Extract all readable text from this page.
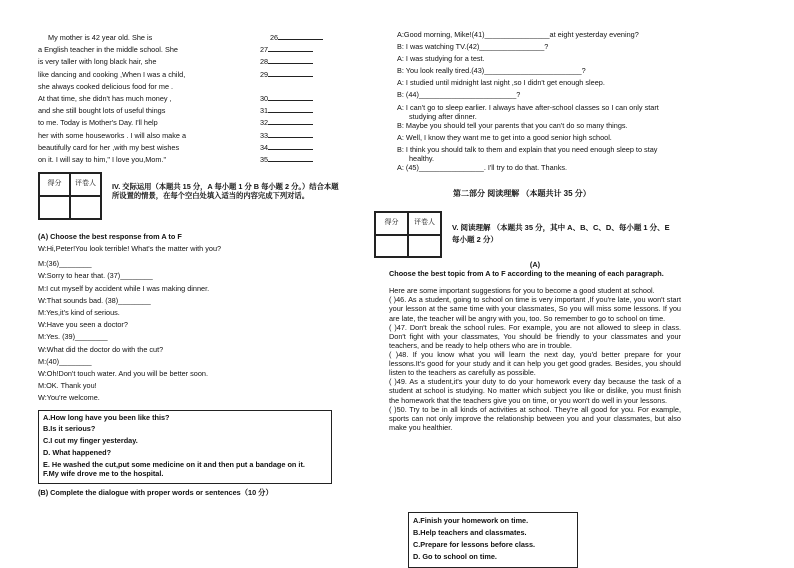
My mother is 42 year old. She is	26
a English teacher in the middle school. She	27
is very taller with long black hair, she	28
like dancing and cooking ,When I was a child,	29
she always cooked delicious food for me .
At that time, she didn't has much money ,	30
and she still bought lots of useful things	31
to me. Today is Mother's Day. I'll help	32
her with some houseworks . I will also make a	33
beautifully card for her ,with my best wishes	34
on it. I will say to him," I love you,Mom."	35
得分	评卷人	IV. 交际运用（本题共 15 分，A 每小题 1 分 B 每小题 2 分。）结合本题所设置的情景，在每个空白处填入适当的内容完成下列对话。
(A) Choose the best response from A to F
W:Hi,Peter!You look terrible! What's the matter with you?
M:(36)________
W:Sorry to hear that. (37)________
M:I cut myself by accident while I was making dinner.
W:That sounds bad. (38)________
M:Yes,it's kind of serious.
W:Have you seen a doctor?
M:Yes. (39)________
W:What did the doctor do with the cut?
M:(40)________
W:Oh!Don't touch water. And you will be better soon.
M:OK. Thank you!
W:You're welcome.
A.How long have you been like this?
B.Is it serious?
C.I cut my finger yesterday.
D. What happened?
E. He washed the cut,put some medicine on it and then put a bandage on it.
F.My wife drove me to the hospital.
(B) Complete the dialogue with proper words or sentences（10 分）
A:Good morning, Mike!(41)________________at eight yesterday evening?
B: I was watching TV.(42)________________?
A: I was studying for a test.
B: You look really tired.(43)________________________?
A: I studied until midnight last night ,so I didn't get enough sleep.
B: (44)________________________?
A: I can't go to sleep earlier. I always have after-school classes so I can only start studying after dinner.
B: Maybe you should tell your parents that you can't do so many things.
A: Well, I know they want me to get into a good senior high school.
B: I think you should talk to them and explain that you need enough sleep to stay healthy.
A: (45)________________. I'll try to do that. Thanks.
第二部分 阅读理解 （本题共计 35 分）
得分	评卷人
V. 阅读理解 （本题共 35 分，其中 A、B、C、D、每小题 1 分、E 每小题 2 分）
(A)
Choose the best topic from A to F according to the meaning of each paragraph.
Here are some important suggestions for you to become a good student at school.
( )46. As a student, going to school on time is very important ,If you're late, you won't start your lesson at the same time with your classmates, So you will miss some lessons. If you are late, the teacher will be angry with you, too. So remember to go to school on time.
( )47. Don't break the school rules. For example, you are not allowed to sleep in class. Don't fight with your classmates, You should be friendly to your classmates and your teachers, and be ready to help others who are in trouble.
( )48. If you know what you will learn the next day, you'd better prepare for your lessons.It's good for your study and it can help you get good grades. Besides, you should listen to the teachers as carefully as possible.
( )49. As a student,it's your duty to do your homework every day because the task of a student at school is studying. No matter which subject you like or dislike, you must finish the homework that the teachers give you on time, or you won't do well in your lessons.
( )50. Try to be in all kinds of activities at school. They're all good for you. For example, sports can not only improve the relationship between you and your classmates, but also make you healthier.
A.Finish your homework on time.
B.Help teachers and classmates.
C.Prepare for lessons before class.
D. Go to school on time.
